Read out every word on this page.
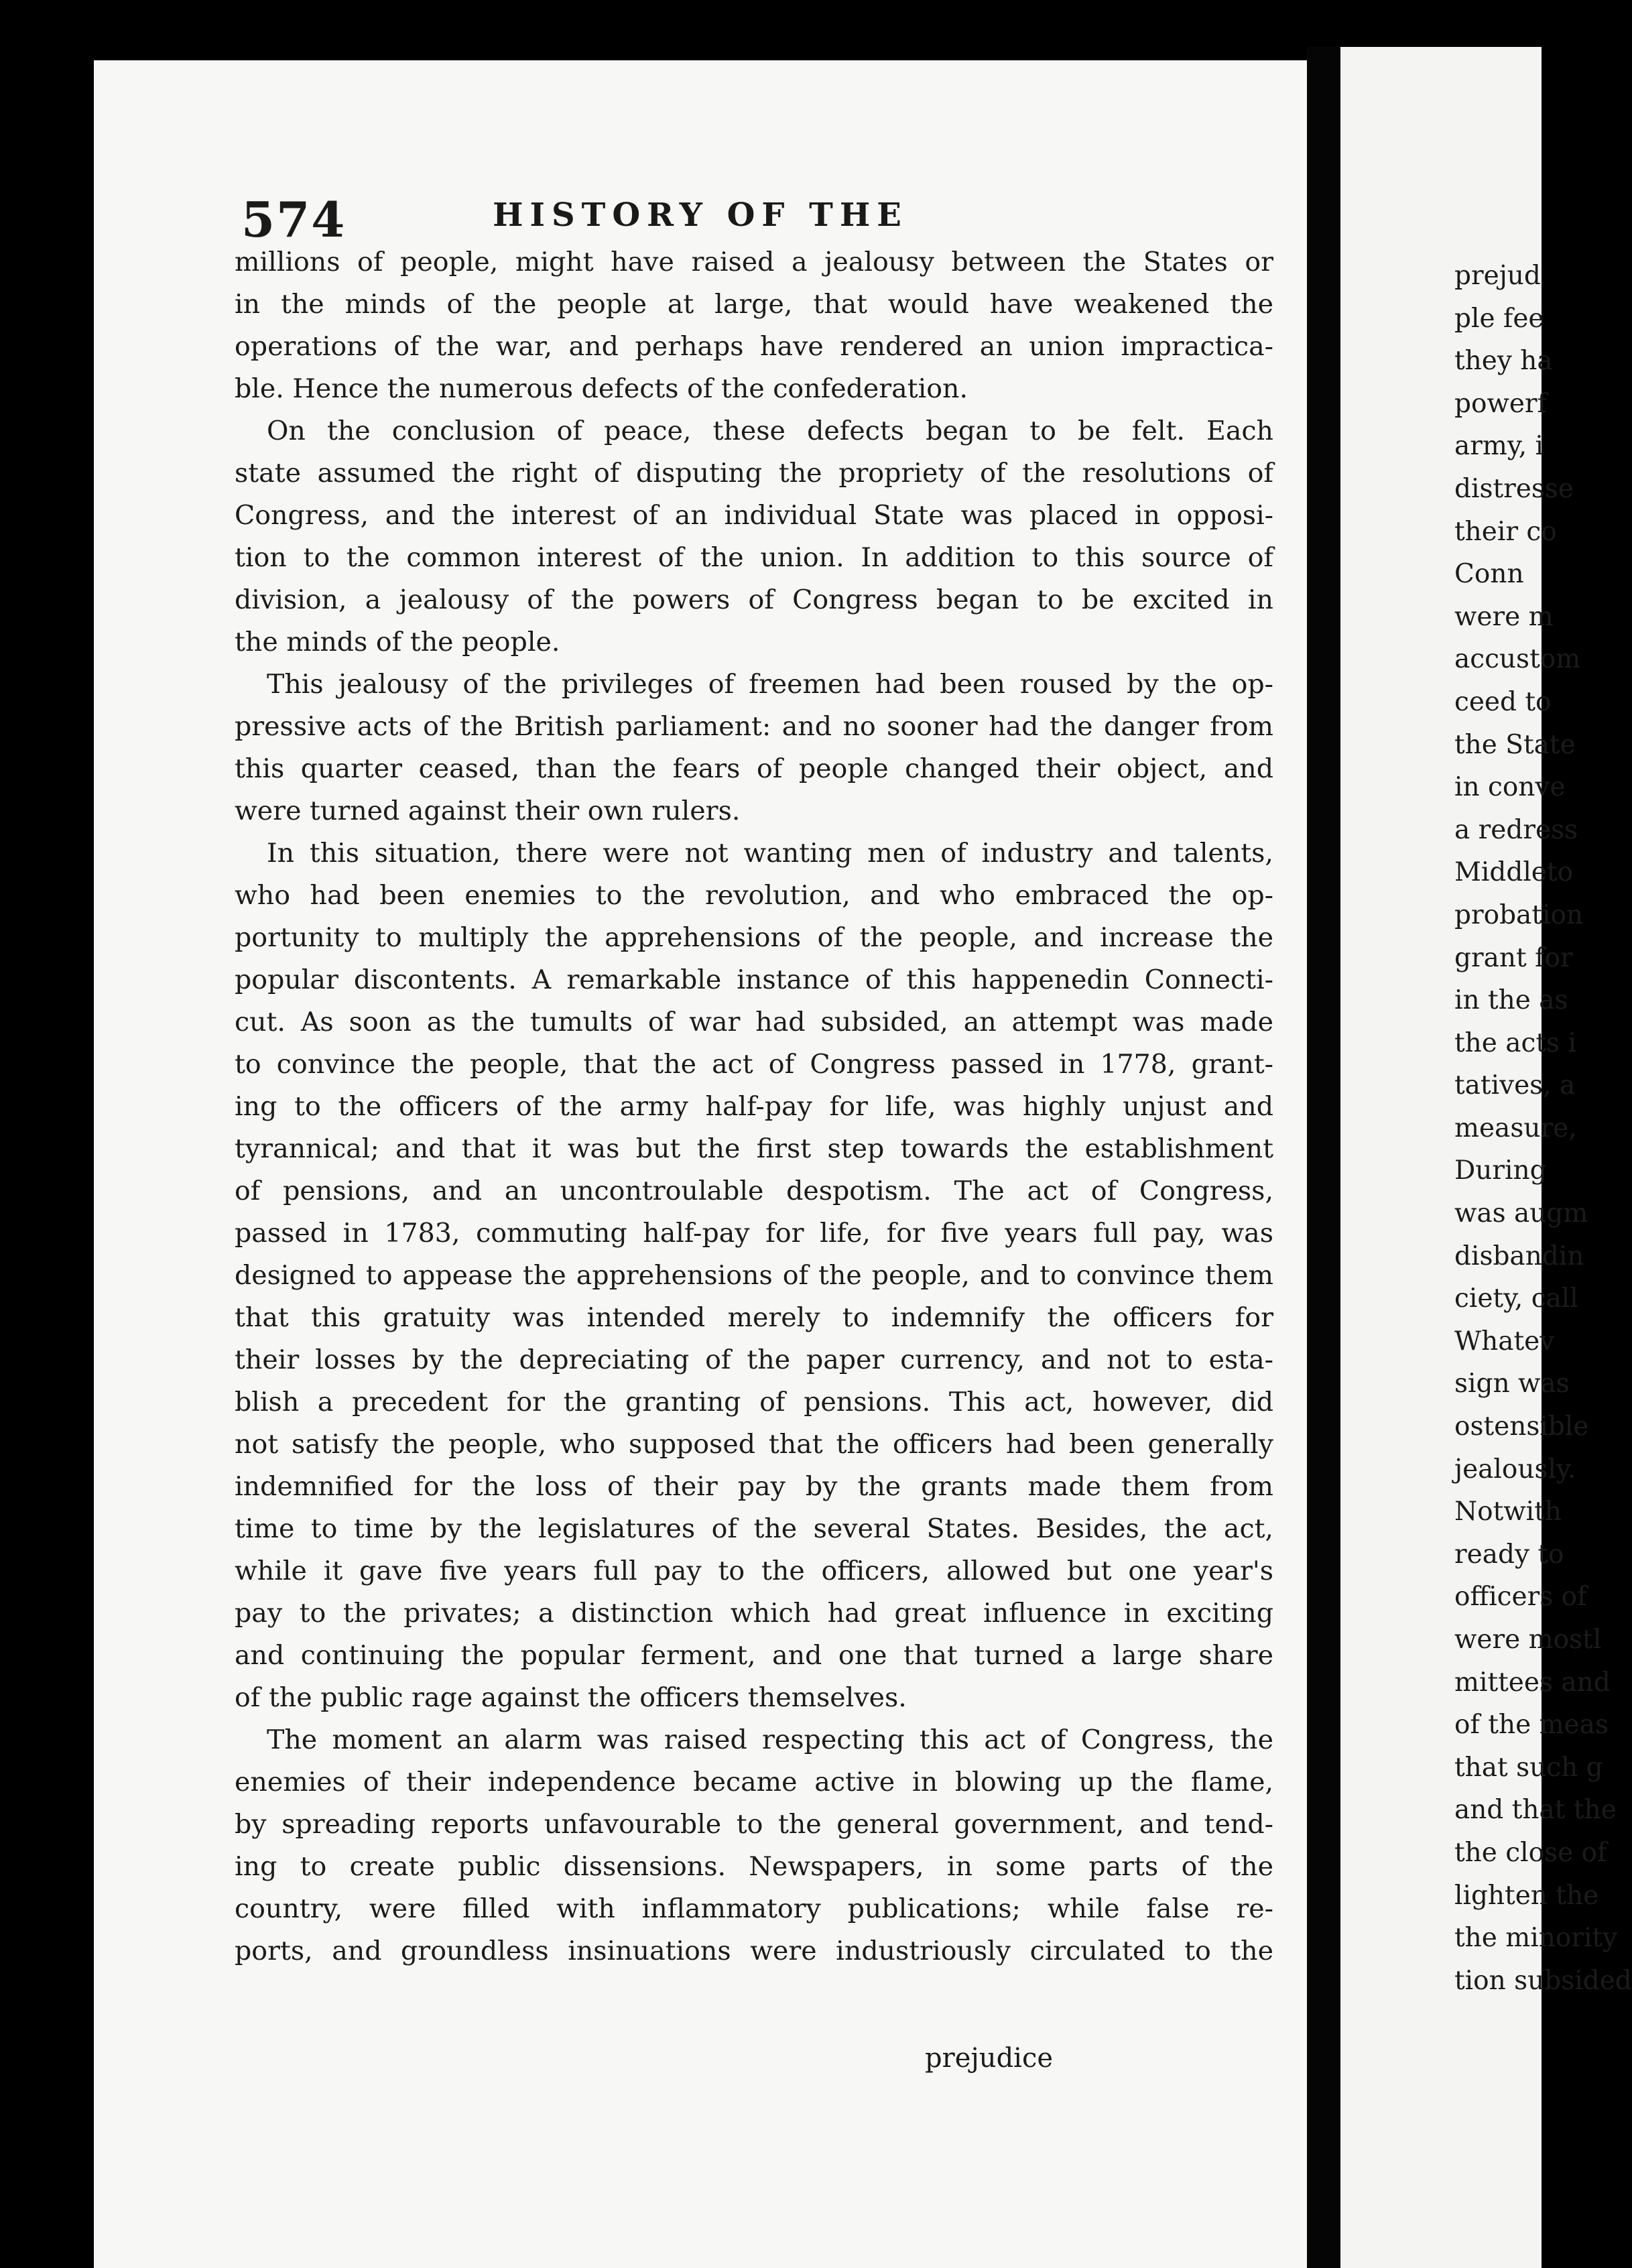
574	HISTORY OF THE
millions of people, might have raised a jealousy between the States or
in the minds of the people at large, that would have weakened the
operations of the war, and perhaps have rendered an union impractica-
ble. Hence the numerous defects of the confederation.
On the conclusion of peace, these defects began to be felt. Each
state assumed the right of disputing the propriety of the resolutions of
Congress, and the interest of an individual State was placed in opposi-
tion to the common interest of the union. In addition to this source of
division, a jealousy of the powers of Congress began to be excited in
the minds of the people.
This jealousy of the privileges of freemen had been roused by the op-
pressive acts of the British parliament: and no sooner had the danger from
this quarter ceased, than the fears of people changed their object, and
were turned against their own rulers.
In this situation, there were not wanting men of industry and talents,
who had been enemies to the revolution, and who embraced the op-
portunity to multiply the apprehensions of the people, and increase the
popular discontents. A remarkable instance of this happenedin Connecti-
cut. As soon as the tumults of war had subsided, an attempt was made
to convince the people, that the act of Congress passed in 1778, grant-
ing to the officers of the army half-pay for life, was highly unjust and
tyrannical; and that it was but the first step towards the establishment
of pensions, and an uncontroulable despotism. The act of Congress,
passed in 1783, commuting half-pay for life, for five years full pay, was
designed to appease the apprehensions of the people, and to convince them
that this gratuity was intended merely to indemnify the officers for
their losses by the depreciating of the paper currency, and not to esta-
blish a precedent for the granting of pensions. This act, however, did
not satisfy the people, who supposed that the officers had been generally
indemnified for the loss of their pay by the grants made them from
time to time by the legislatures of the several States. Besides, the act,
while it gave five years full pay to the officers, allowed but one year's
pay to the privates; a distinction which had great influence in exciting
and continuing the popular ferment, and one that turned a large share
of the public rage against the officers themselves.
The moment an alarm was raised respecting this act of Congress, the
enemies of their independence became active in blowing up the flame,
by spreading reports unfavourable to the general government, and tend-
ing to create public dissensions. Newspapers, in some parts of the
country, were filled with inflammatory publications; while false re-
ports, and groundless insinuations were industriously circulated to the
prejudice
prejud
ple fee
they ha
powerf
army, i
distresse
their co
Conn
were m
accustom
ceed to
the State
in conve
a redress
Middleto
probation
grant for
in the as
the acts i
tatives, a
measure,
During
was augm
disbandin
ciety, call
Whatev
sign was
ostensible
jealously.
Notwith
ready to
officers of
were mostl
mittees and
of the meas
that such g
and that the
the close of
lighten the
the minority
tion subsided
